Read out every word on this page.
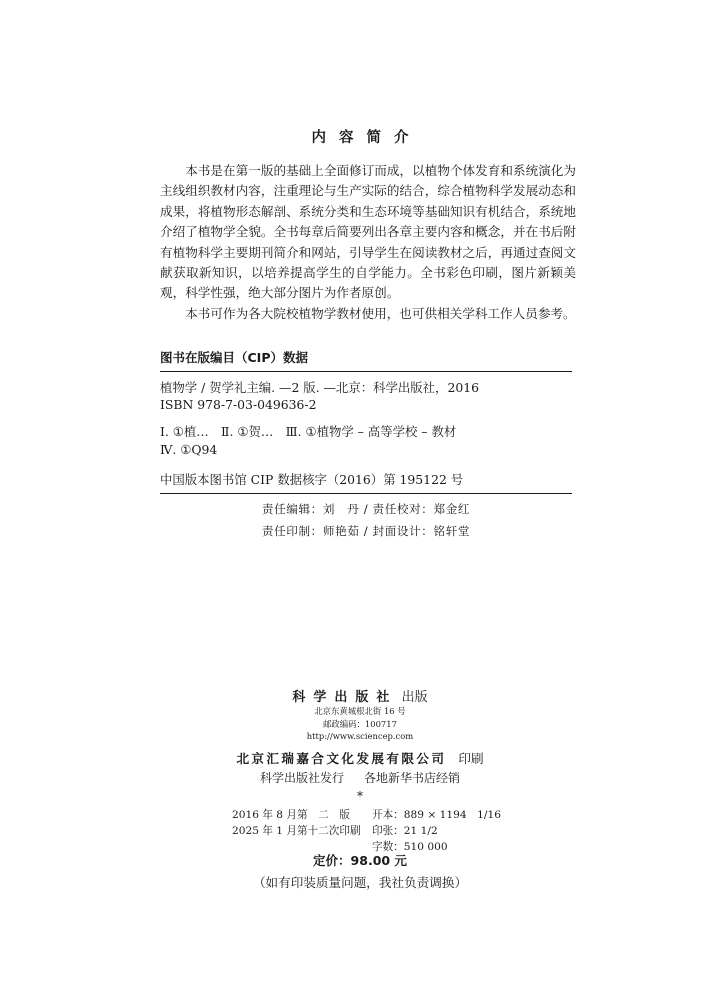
内容简介

本书是在第一版的基础上全面修订而成，以植物个体发育和系统演化为主线组织教材内容，注重理论与生产实际的结合，综合植物科学发展动态和成果，将植物形态解剖、系统分类和生态环境等基础知识有机结合，系统地介绍了植物学全貌。全书每章后简要列出各章主要内容和概念，并在书后附有植物科学主要期刊简介和网站，引导学生在阅读教材之后，再通过查阅文献获取新知识，以培养提高学生的自学能力。全书彩色印刷，图片新颖美观，科学性强，绝大部分图片为作者原创。

本书可作为各大院校植物学教材使用，也可供相关学科工作人员参考。

图书在版编目（CIP）数据
植物学 / 贺学礼主编. —2 版. —北京：科学出版社，2016
ISBN 978-7-03-049636-2
Ⅰ. ①植…　Ⅱ. ①贺…　Ⅲ. ①植物学 – 高等学校 – 教材
Ⅳ. ①Q94
中国版本图书馆 CIP 数据核字（2016）第 195122 号
责任编辑：刘　丹 / 责任校对：郑金红
责任印制：师艳茹 / 封面设计：铭轩堂
科学出版社 出版
北京东黄城根北街 16 号
邮政编码：100717
http://www.sciencep.com
北京汇瑞嘉合文化发展有限公司 印刷
科学出版社发行 各地新华书店经销
*
2016 年 8 月第　二　版 开本：889 × 1194　1/16
2025 年 1 月第十二次印刷 印张：21 1/2
字数：510 000
定价：98.00 元
（如有印装质量问题，我社负责调换）
